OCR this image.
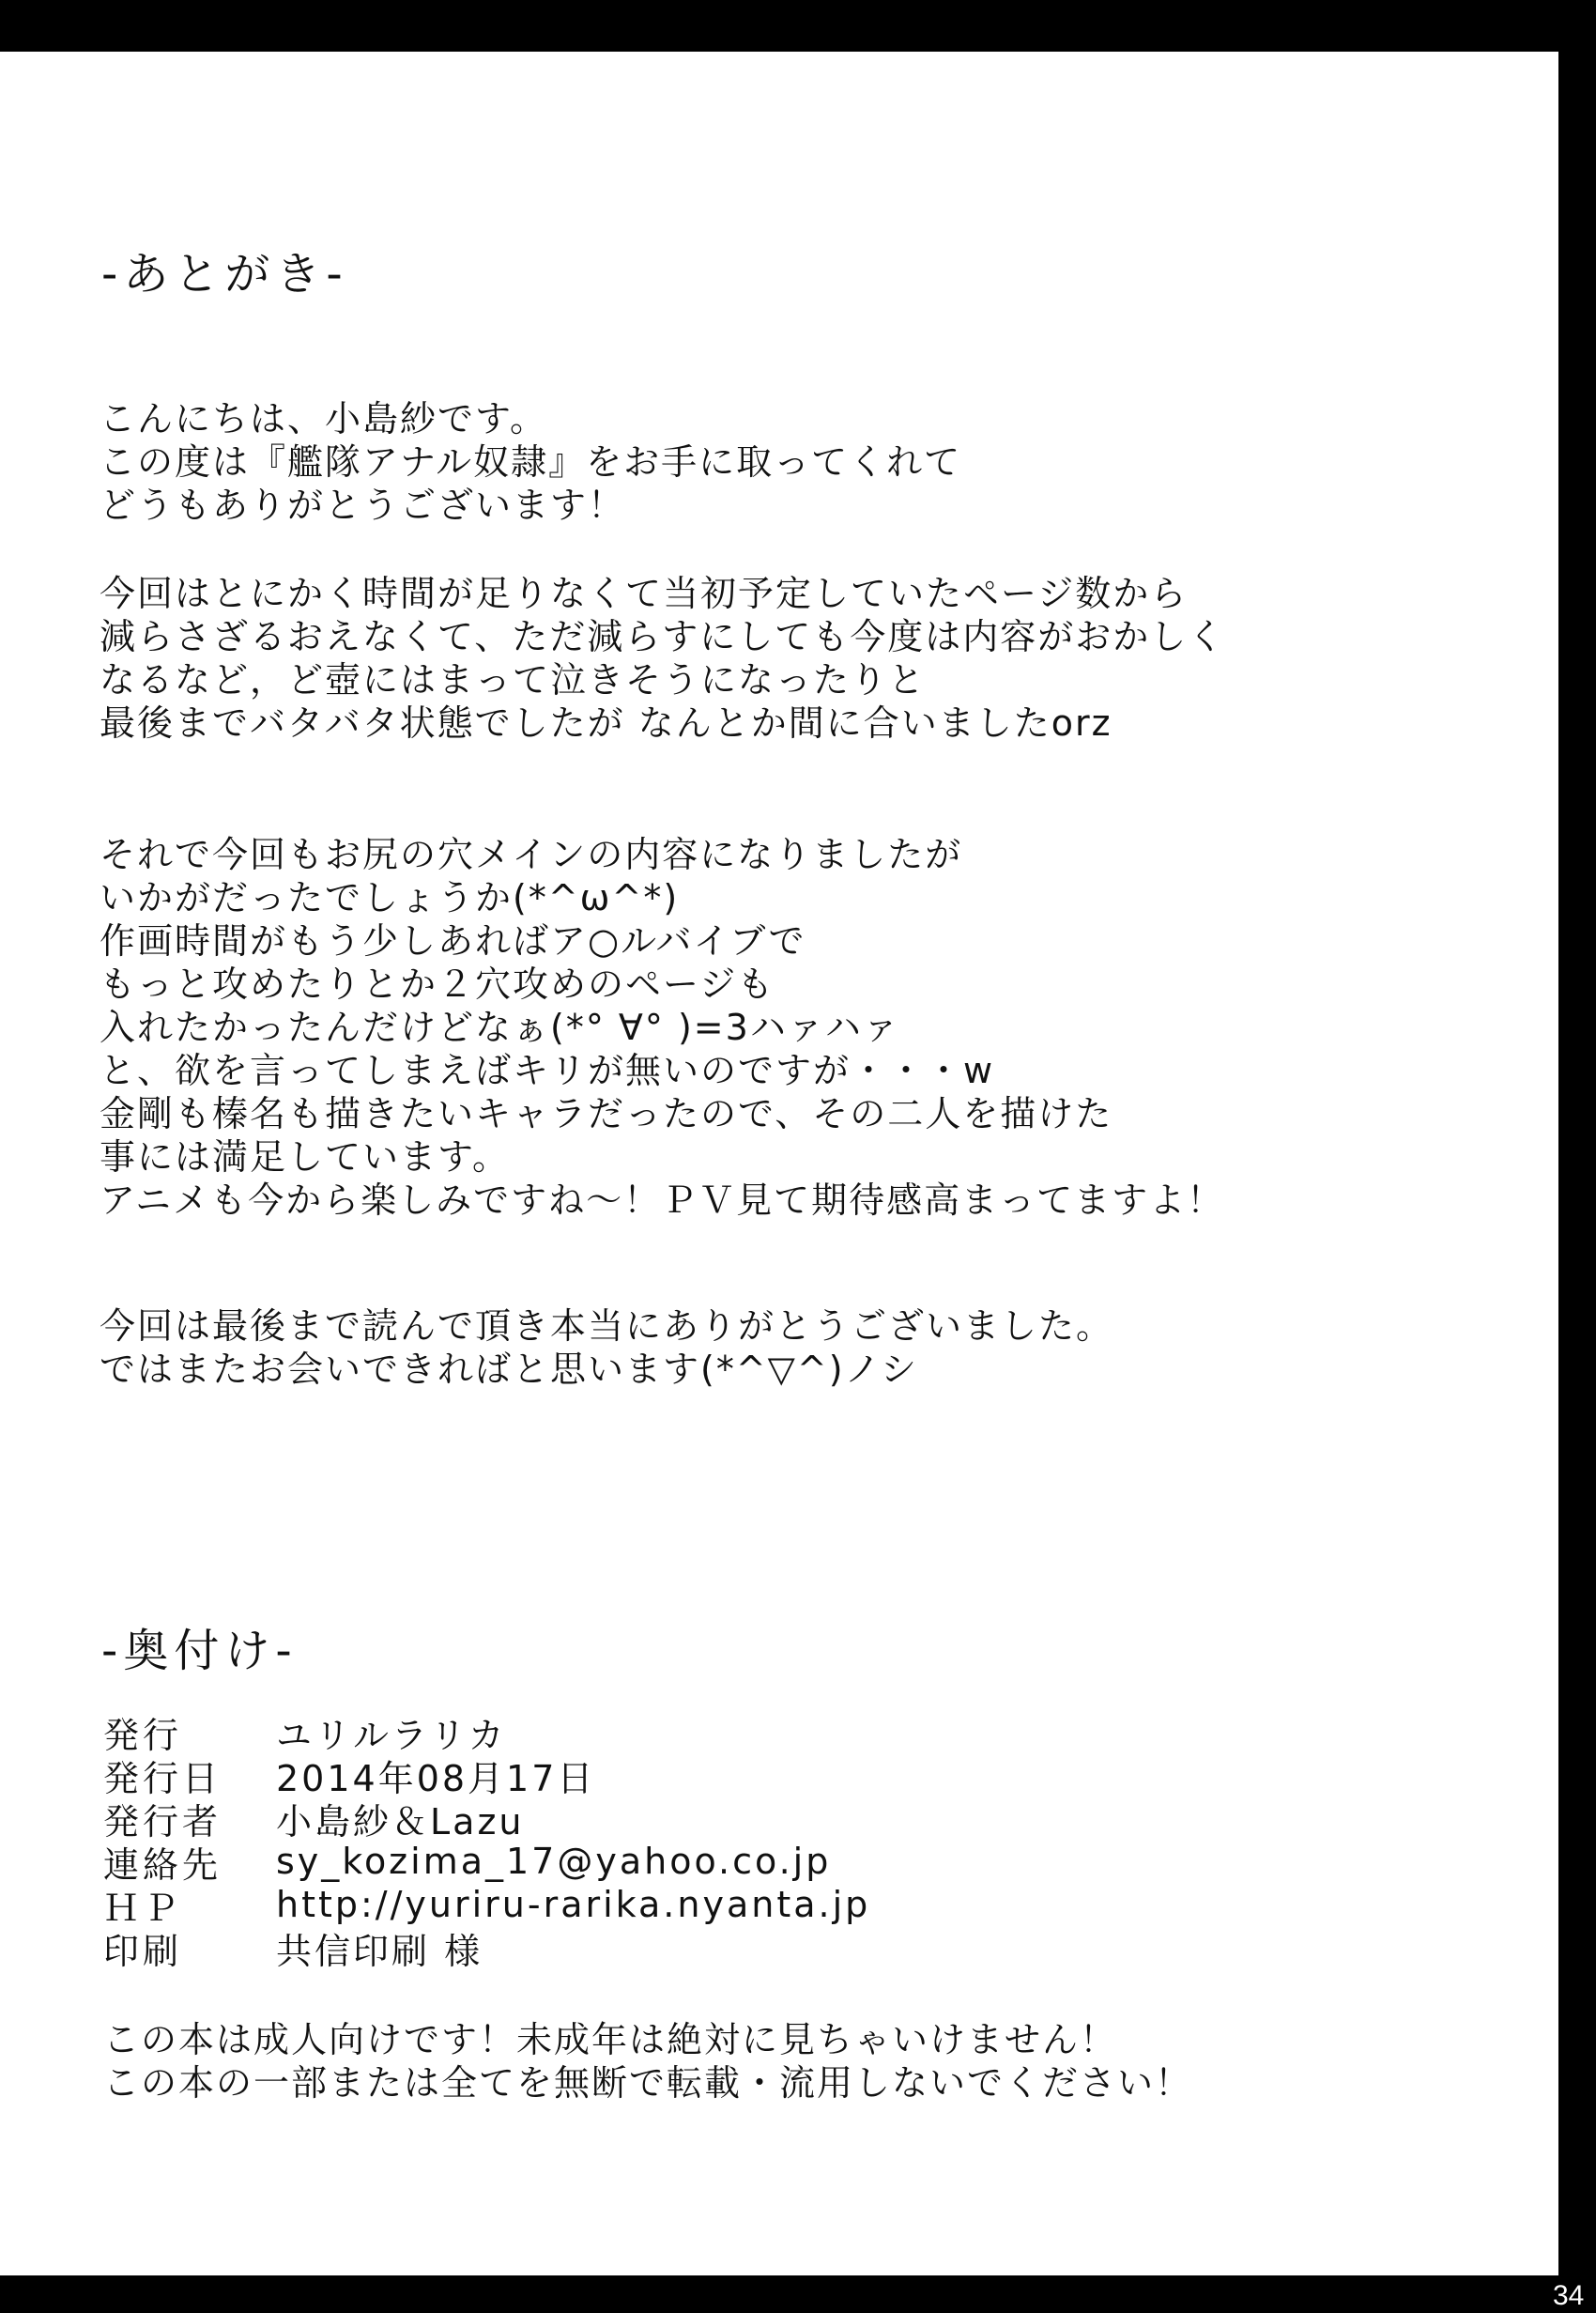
-あとがき-
こんにちは、小島紗です。
この度は『艦隊アナル奴隷』をお手に取ってくれて
どうもありがとうございます！
今回はとにかく時間が足りなくて当初予定していたページ数から
減らさざるおえなくて、ただ減らすにしても今度は内容がおかしく
なるなど，ど壺にはまって泣きそうになったりと
最後までバタバタ状態でしたが なんとか間に合いましたorz
それで今回もお尻の穴メインの内容になりましたが
いかがだったでしょうか(*^ω^*)
作画時間がもう少しあればア○ルバイブで
もっと攻めたりとか２穴攻めのページも
入れたかったんだけどなぁ(*° ∀° )=3ハァハァ
と、欲を言ってしまえばキリが無いのですが・・・w
金剛も榛名も描きたいキャラだったので、その二人を描けた
事には満足しています。
アニメも今から楽しみですね～！ＰＶ見て期待感高まってますよ！
今回は最後まで読んで頂き本当にありがとうございました。
ではまたお会いできればと思います(*^▽^)ノシ
-奥付け-
発行	ユリルラリカ
発行日	2014年08月17日
発行者	小島紗＆Lazu
連絡先	sy_kozima_17@yahoo.co.jp
ＨＰ	http://yuriru-rarika.nyanta.jp
印刷	共信印刷 様
この本は成人向けです！未成年は絶対に見ちゃいけません！
この本の一部または全てを無断で転載・流用しないでください！
34
